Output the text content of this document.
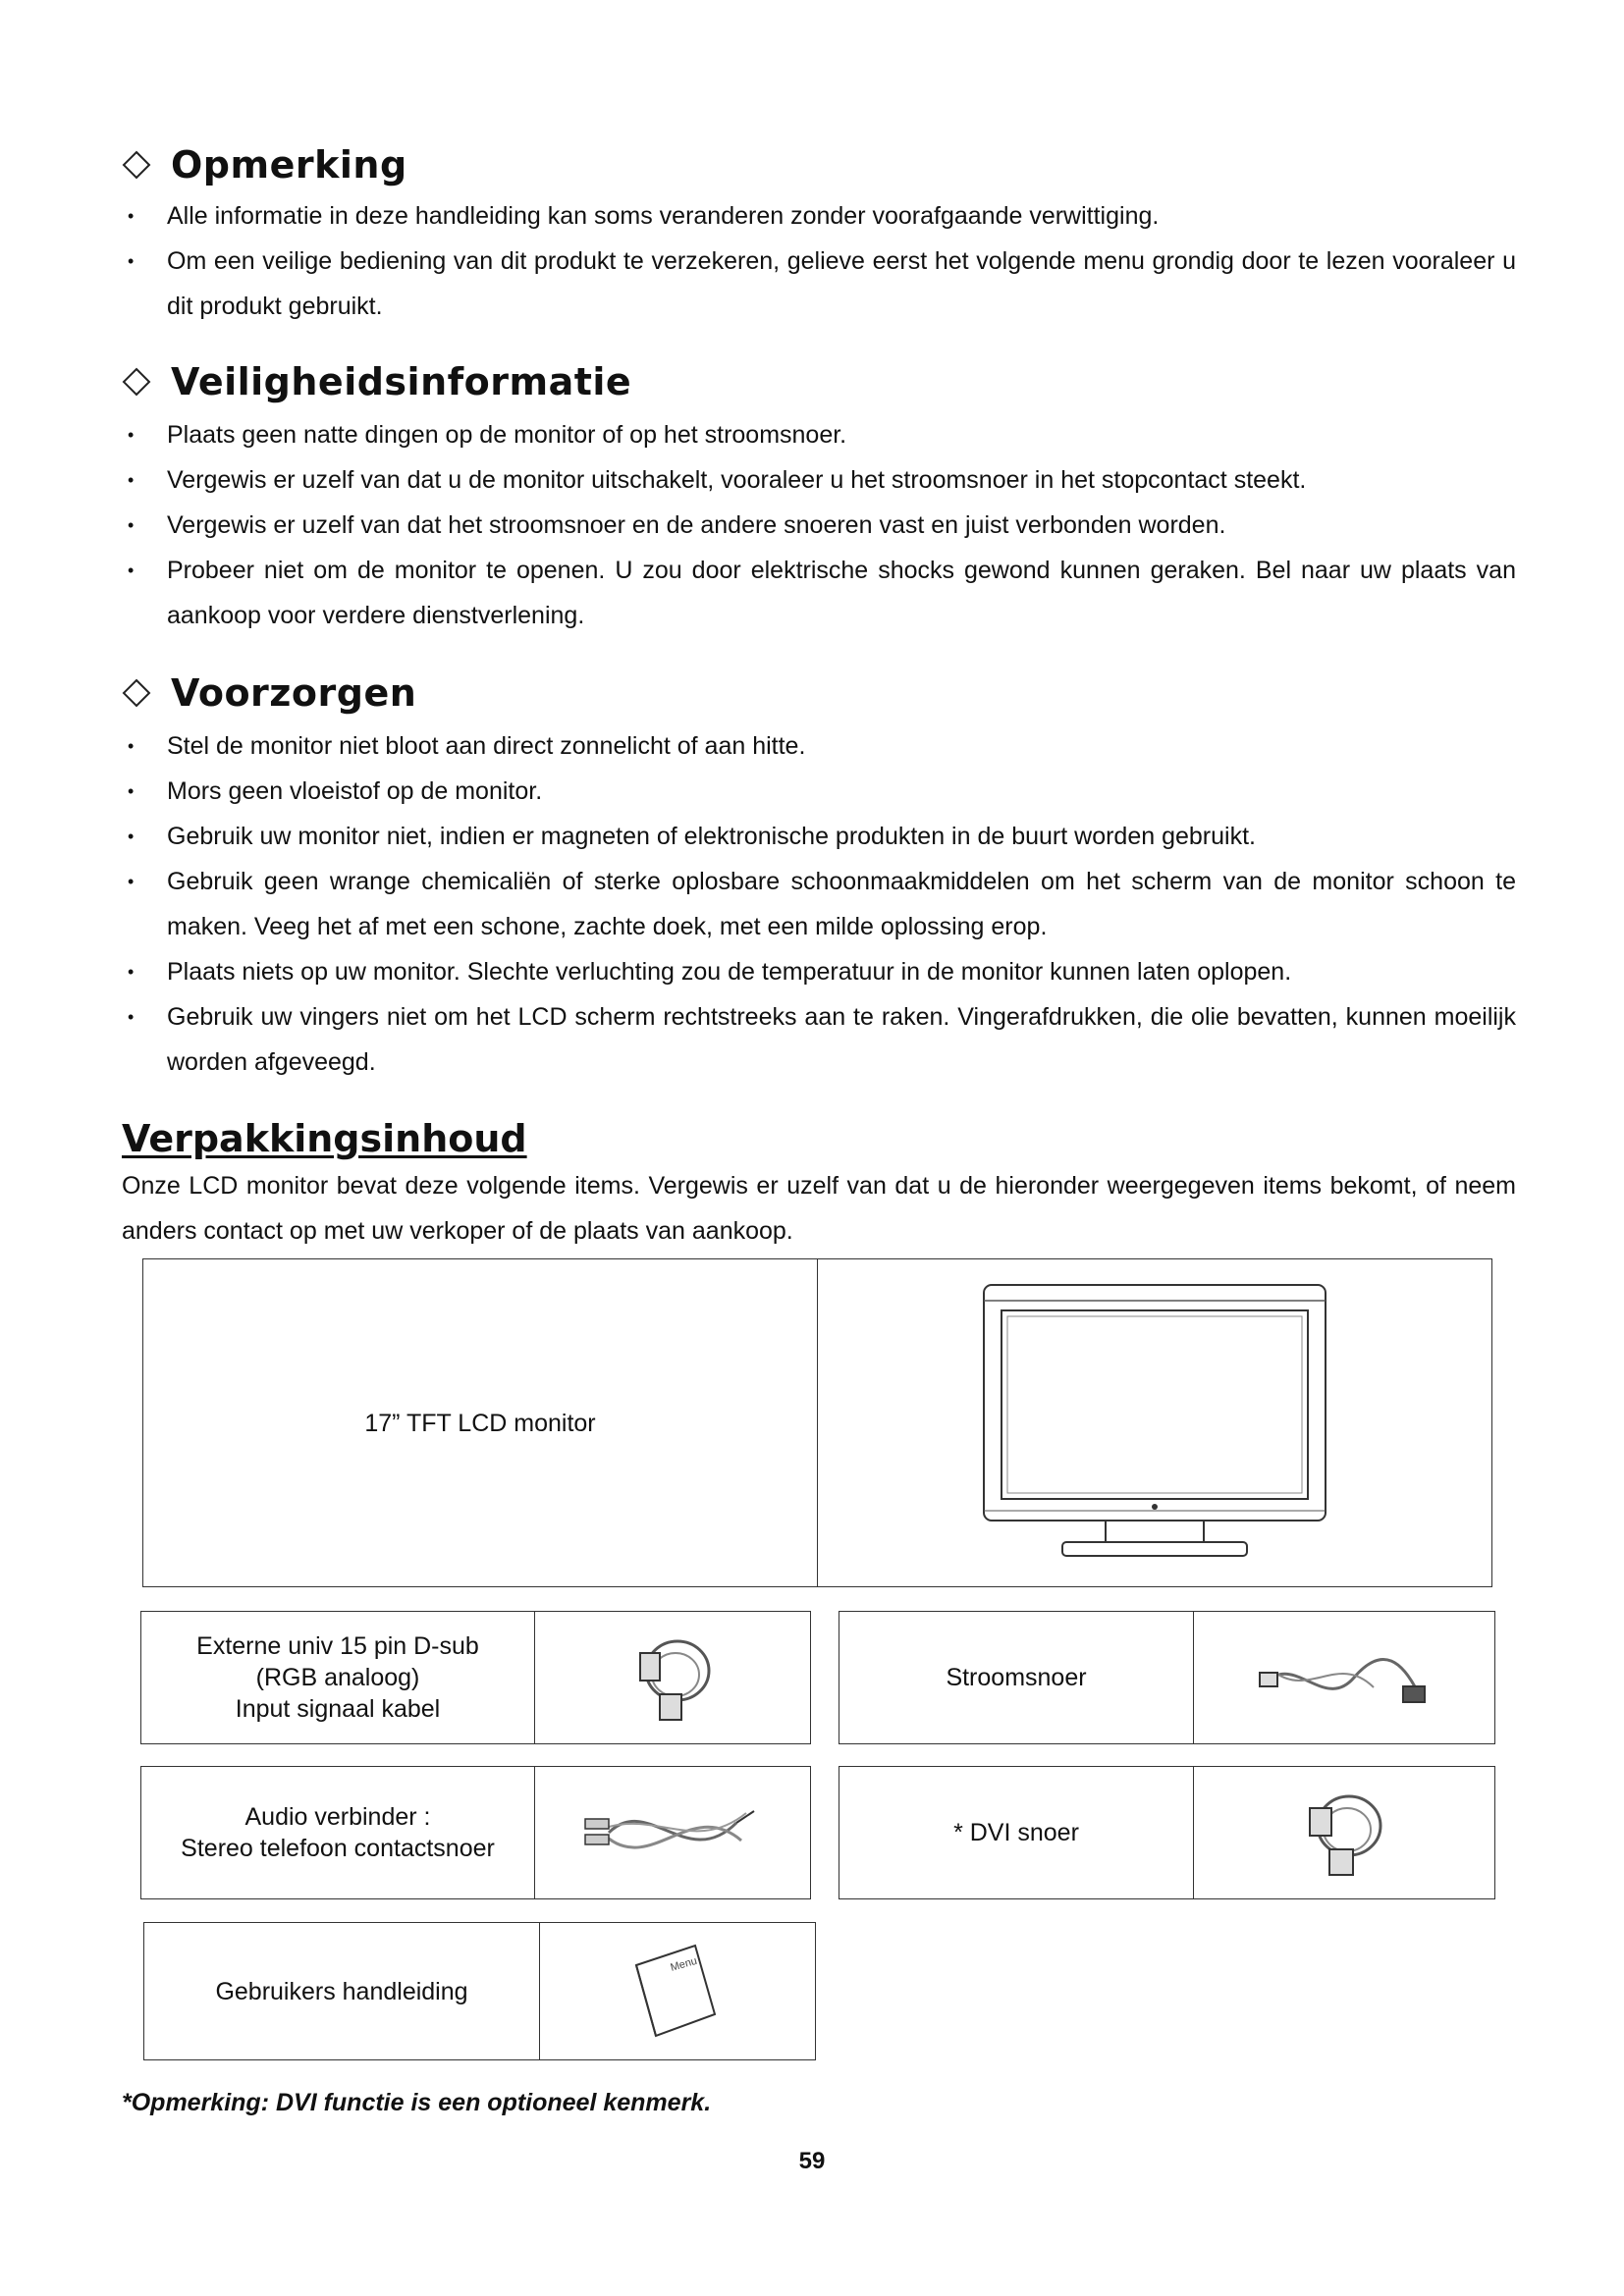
Opmerking
• Alle informatie in deze handleiding kan soms veranderen zonder voorafgaande verwittiging.
• Om een veilige bediening van dit produkt te verzekeren, gelieve eerst het volgende menu grondig door te lezen vooraleer u dit produkt gebruikt.
Veiligheidsinformatie
• Plaats geen natte dingen op de monitor of op het stroomsnoer.
• Vergewis er uzelf van dat u de monitor uitschakelt, vooraleer u het stroomsnoer in het stopcontact steekt.
• Vergewis er uzelf van dat het stroomsnoer en de andere snoeren vast en juist verbonden worden.
• Probeer niet om de monitor te openen. U zou door elektrische shocks gewond kunnen geraken. Bel naar uw plaats van aankoop voor verdere dienstverlening.
Voorzorgen
• Stel de monitor niet bloot aan direct zonnelicht of aan hitte.
• Mors geen vloeistof op de monitor.
• Gebruik uw monitor niet, indien er magneten of elektronische produkten in de buurt worden gebruikt.
• Gebruik geen wrange chemicaliën of sterke oplosbare schoonmaakmiddelen om het scherm van de monitor schoon te maken. Veeg het af met een schone, zachte doek, met een milde oplossing erop.
• Plaats niets op uw monitor. Slechte verluchting zou de temperatuur in de monitor kunnen laten oplopen.
• Gebruik uw vingers niet om het LCD scherm rechtstreeks aan te raken. Vingerafdrukken, die olie bevatten, kunnen moeilijk worden afgeveegd.
Verpakkingsinhoud

Onze LCD monitor bevat deze volgende items. Vergewis er uzelf van dat u de hieronder weergegeven items bekomt, of neem anders contact op met uw verkoper of de plaats van aankoop.

17” TFT LCD monitor
Externe univ 15 pin D-sub
(RGB analoog)
Input signaal kabel
Stroomsnoer
Audio verbinder :
Stereo telefoon contactsnoer
* DVI snoer
Gebruikers handleiding
Menu
*Opmerking: DVI functie is een optioneel kenmerk.
59
